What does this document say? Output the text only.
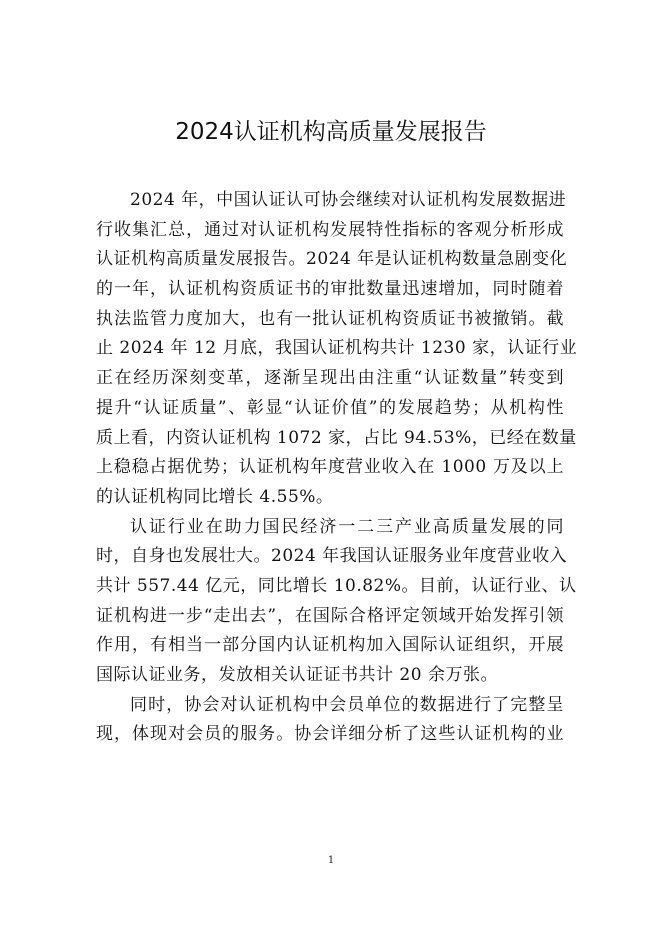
2024认证机构高质量发展报告

2024 年，中国认证认可协会继续对认证机构发展数据进
行收集汇总，通过对认证机构发展特性指标的客观分析形成
认证机构高质量发展报告。2024 年是认证机构数量急剧变化
的一年，认证机构资质证书的审批数量迅速增加，同时随着
执法监管力度加大，也有一批认证机构资质证书被撤销。截
止 2024 年 12 月底，我国认证机构共计 1230 家，认证行业
正在经历深刻变革，逐渐呈现出由注重“认证数量”转变到
提升“认证质量”、彰显“认证价值”的发展趋势；从机构性
质上看，内资认证机构 1072 家，占比 94.53%，已经在数量
上稳稳占据优势；认证机构年度营业收入在 1000 万及以上
的认证机构同比增长 4.55%。

认证行业在助力国民经济一二三产业高质量发展的同
时，自身也发展壮大。2024 年我国认证服务业年度营业收入
共计 557.44 亿元，同比增长 10.82%。目前，认证行业、认
证机构进一步“走出去”，在国际合格评定领域开始发挥引领
作用，有相当一部分国内认证机构加入国际认证组织，开展
国际认证业务，发放相关认证证书共计 20 余万张。

同时，协会对认证机构中会员单位的数据进行了完整呈
现，体现对会员的服务。协会详细分析了这些认证机构的业

1
